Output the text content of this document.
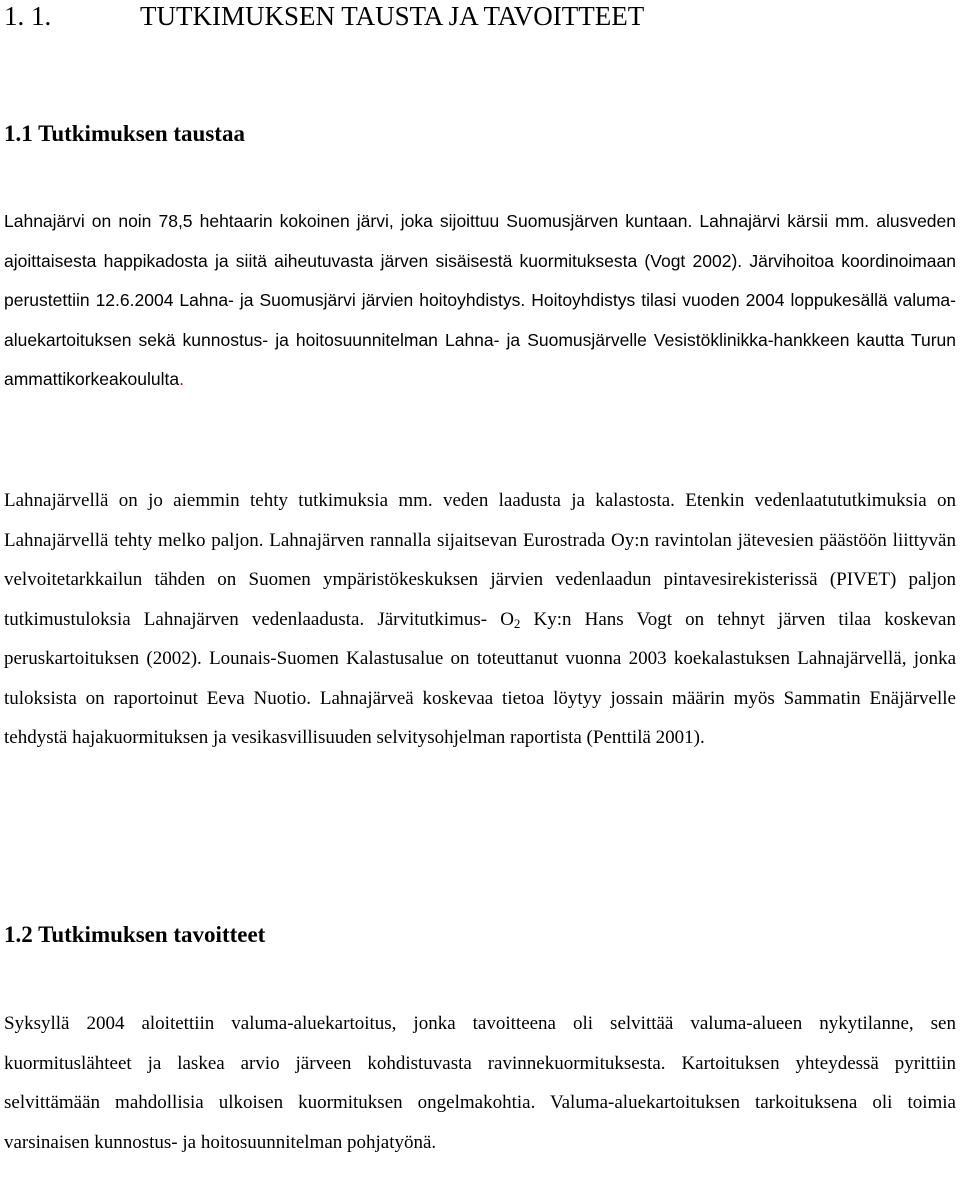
1. 1.	TUTKIMUKSEN TAUSTA JA TAVOITTEET
1.1 Tutkimuksen taustaa
Lahnajärvi on noin 78,5 hehtaarin kokoinen järvi, joka sijoittuu Suomusjärven kuntaan. Lahnajärvi kärsii mm. alusveden ajoittaisesta happikadosta ja siitä aiheutuvasta järven sisäisestä kuormituksesta (Vogt 2002). Järvihoitoa koordinoimaan perustettiin 12.6.2004 Lahna- ja Suomusjärvi järvien hoitoyhdistys. Hoitoyhdistys tilasi vuoden 2004 loppukesällä valuma-aluekartoituksen sekä kunnostus- ja hoitosuunnitelman Lahna- ja Suomusjärvelle Vesistöklinikka-hankkeen kautta Turun ammattikorkeakoululta.
Lahnajärvellä on jo aiemmin tehty tutkimuksia mm. veden laadusta ja kalastosta. Etenkin vedenlaatututkimuksia on Lahnajärvellä tehty melko paljon. Lahnajärven rannalla sijaitsevan Eurostrada Oy:n ravintolan jätevesien päästöön liittyvän velvoitetarkkailun tähden on Suomen ympäristökeskuksen järvien vedenlaadun pintavesirekisterissä (PIVET) paljon tutkimustuloksia Lahnajärven vedenlaadusta. Järvitutkimus- $O_2$ Ky:n Hans Vogt on tehnyt järven tilaa koskevan peruskartoituksen (2002). Lounais-Suomen Kalastusalue on toteuttanut vuonna 2003 koekalastuksen Lahnajärvellä, jonka tuloksista on raportoinut Eeva Nuotio. Lahnajärveä koskevaa tietoa löytyy jossain määrin myös Sammatin Enäjärvelle tehdystä hajakuormituksen ja vesikasvillisuuden selvitysohjelman raportista (Penttilä 2001).
1.2 Tutkimuksen tavoitteet
Syksyllä 2004 aloitettiin valuma-aluekartoitus, jonka tavoitteena oli selvittää valuma-alueen nykytilanne, sen kuormituslähteet ja laskea arvio järveen kohdistuvasta ravinnekuormituksesta. Kartoituksen yhteydessä pyrittiin selvittämään mahdollisia ulkoisen kuormituksen ongelmakohtia. Valuma-aluekartoituksen tarkoituksena oli toimia varsinaisen kunnostus- ja hoitosuunnitelman pohjatyönä.
